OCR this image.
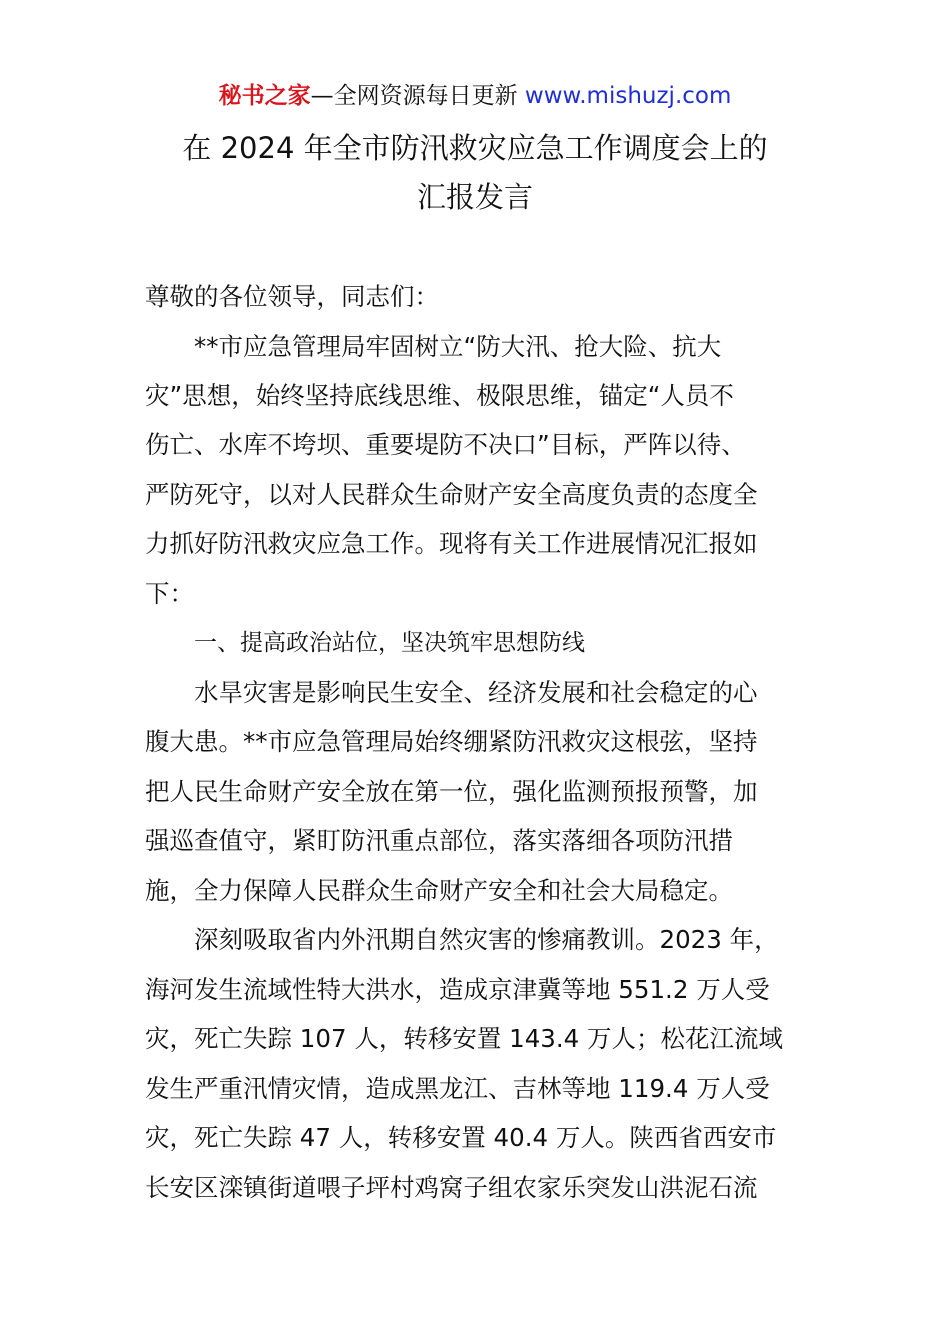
秘书之家—全网资源每日更新 www.mishuzj.com
在 2024 年全市防汛救灾应急工作调度会上的
汇报发言
尊敬的各位领导，同志们：
**市应急管理局牢固树立“防大汛、抢大险、抗大
灾”思想，始终坚持底线思维、极限思维，锚定“人员不
伤亡、水库不垮坝、重要堤防不决口”目标，严阵以待、
严防死守，以对人民群众生命财产安全高度负责的态度全
力抓好防汛救灾应急工作。现将有关工作进展情况汇报如
下：
一、提高政治站位，坚决筑牢思想防线
水旱灾害是影响民生安全、经济发展和社会稳定的心
腹大患。**市应急管理局始终绷紧防汛救灾这根弦，坚持
把人民生命财产安全放在第一位，强化监测预报预警，加
强巡查值守，紧盯防汛重点部位，落实落细各项防汛措
施，全力保障人民群众生命财产安全和社会大局稳定。
深刻吸取省内外汛期自然灾害的惨痛教训。2023 年，
海河发生流域性特大洪水，造成京津冀等地 551.2 万人受
灾，死亡失踪 107 人，转移安置 143.4 万人；松花江流域
发生严重汛情灾情，造成黑龙江、吉林等地 119.4 万人受
灾，死亡失踪 47 人，转移安置 40.4 万人。陕西省西安市
长安区滦镇街道喂子坪村鸡窝子组农家乐突发山洪泥石流
